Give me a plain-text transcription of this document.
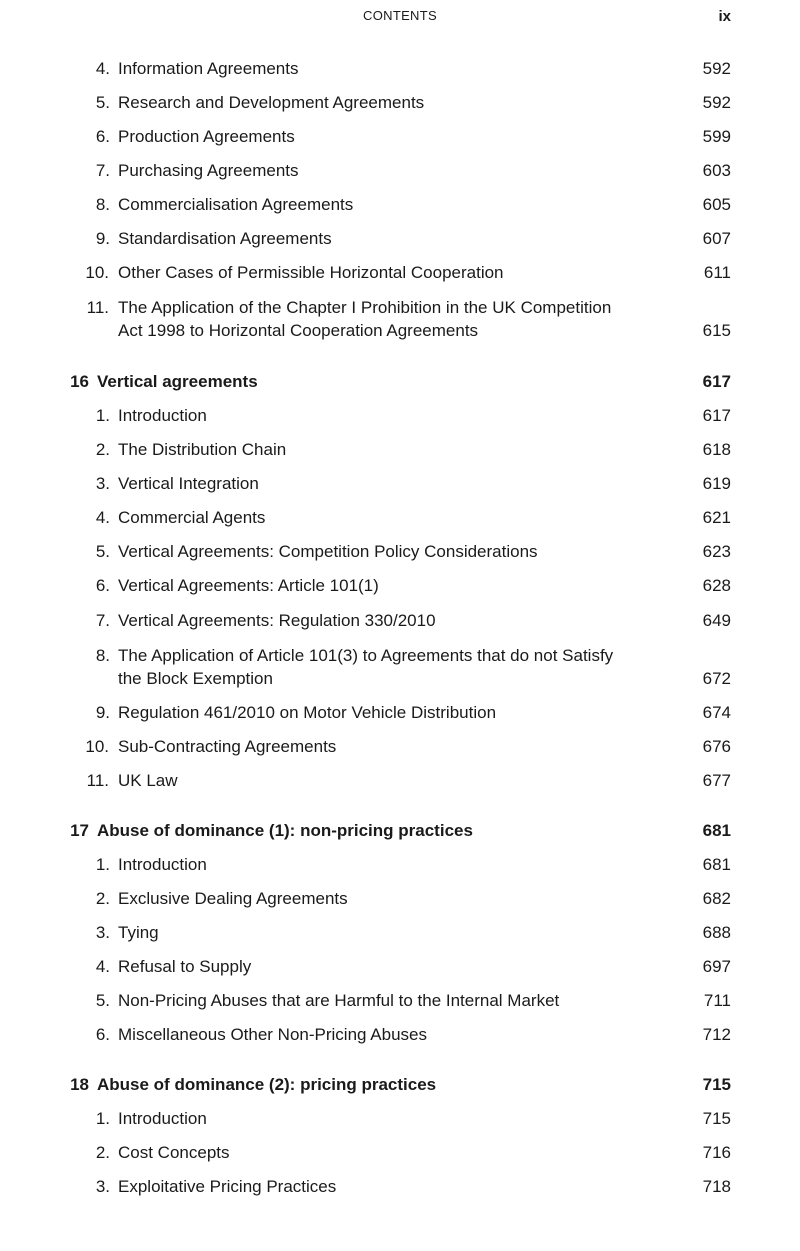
CONTENTS	ix
4. Information Agreements	592
5. Research and Development Agreements	592
6. Production Agreements	599
7. Purchasing Agreements	603
8. Commercialisation Agreements	605
9. Standardisation Agreements	607
10. Other Cases of Permissible Horizontal Cooperation	611
11. The Application of the Chapter I Prohibition in the UK Competition
Act 1998 to Horizontal Cooperation Agreements	615
16 Vertical agreements	617
1. Introduction	617
2. The Distribution Chain	618
3. Vertical Integration	619
4. Commercial Agents	621
5. Vertical Agreements: Competition Policy Considerations	623
6. Vertical Agreements: Article 101(1)	628
7. Vertical Agreements: Regulation 330/2010	649
8. The Application of Article 101(3) to Agreements that do not Satisfy
the Block Exemption	672
9. Regulation 461/2010 on Motor Vehicle Distribution	674
10. Sub-Contracting Agreements	676
11. UK Law	677
17 Abuse of dominance (1): non-pricing practices	681
1. Introduction	681
2. Exclusive Dealing Agreements	682
3. Tying	688
4. Refusal to Supply	697
5. Non-Pricing Abuses that are Harmful to the Internal Market	711
6. Miscellaneous Other Non-Pricing Abuses	712
18 Abuse of dominance (2): pricing practices	715
1. Introduction	715
2. Cost Concepts	716
3. Exploitative Pricing Practices	718
